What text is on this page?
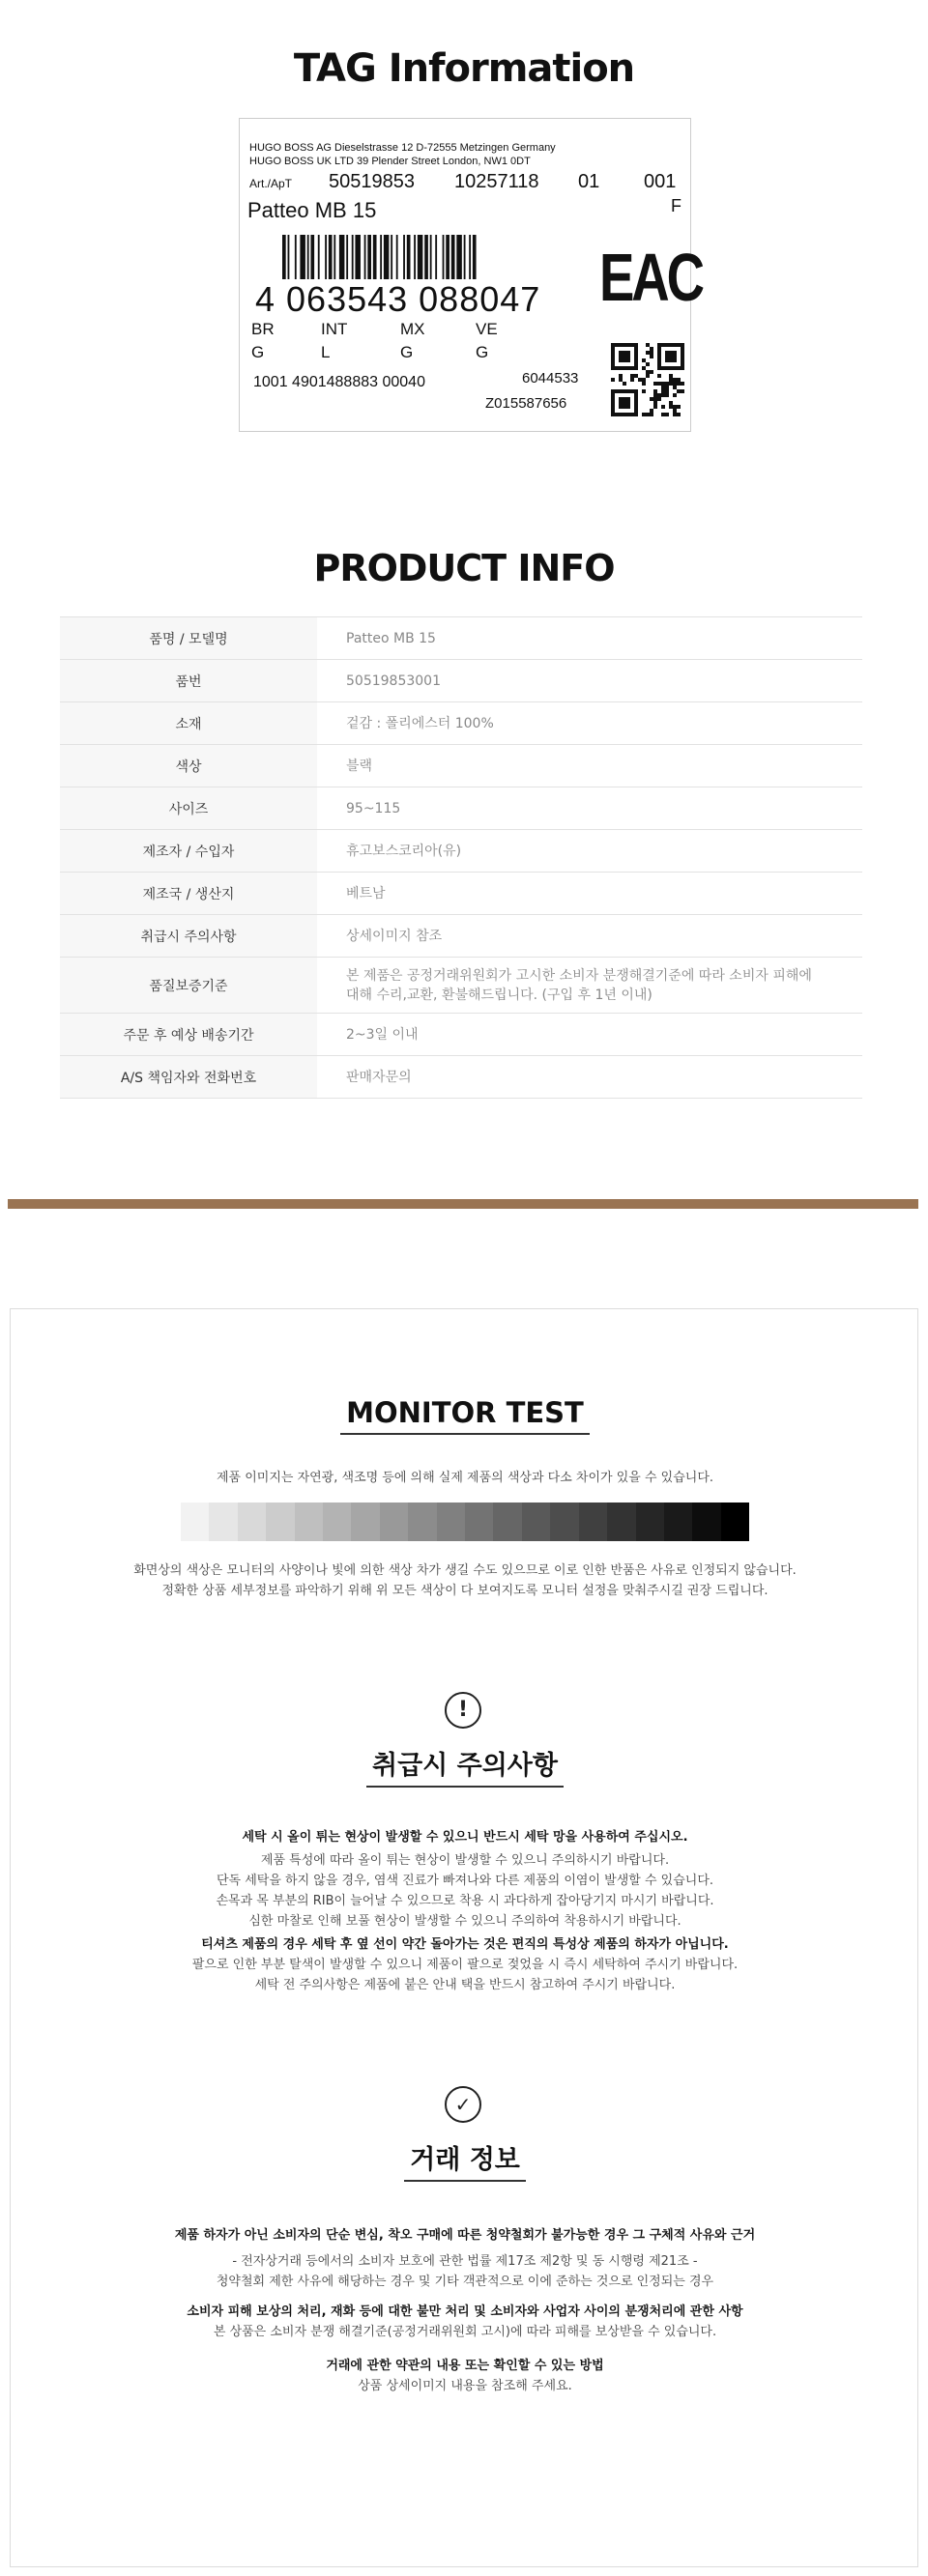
TAG Information
HUGO BOSS AG Dieselstrasse 12 D-72555 Metzingen Germany
HUGO BOSS UK LTD 39 Plender Street London, NW1 0DT
Art./ApT 50519853 10257118 01 001
Patteo MB 15	F
4 063543 088047 EAC
BR	INT	MX	VE
G	L	G	G
1001 4901488883 00040	6044533
Z015587656
PRODUCT INFO
품명 / 모델명	Patteo MB 15
품번	50519853001
소재	겉감 : 폴리에스터 100%
색상	블랙
사이즈	95~115
제조자 / 수입자	휴고보스코리아(유)
제조국 / 생산지	베트남
취급시 주의사항	상세이미지 참조
품질보증기준	본 제품은 공정거래위원회가 고시한 소비자 분쟁해결기준에 따라 소비자 피해에 대해 수리,교환, 환불해드립니다. (구입 후 1년 이내)
주문 후 예상 배송기간	2~3일 이내
A/S 책임자와 전화번호	판매자문의
MONITOR TEST
제품 이미지는 자연광, 색조명 등에 의해 실제 제품의 색상과 다소 차이가 있을 수 있습니다.
화면상의 색상은 모니터의 사양이나 빛에 의한 색상 차가 생길 수도 있으므로 이로 인한 반품은 사유로 인정되지 않습니다.
정확한 상품 세부정보를 파악하기 위해 위 모든 색상이 다 보여지도록 모니터 설정을 맞춰주시길 권장 드립니다.
!
취급시 주의사항
세탁 시 올이 튀는 현상이 발생할 수 있으니 반드시 세탁 망을 사용하여 주십시오.
제품 특성에 따라 올이 튀는 현상이 발생할 수 있으니 주의하시기 바랍니다.
단독 세탁을 하지 않을 경우, 염색 진료가 빠져나와 다른 제품의 이염이 발생할 수 있습니다.
손목과 목 부분의 RIB이 늘어날 수 있으므로 착용 시 과다하게 잡아당기지 마시기 바랍니다.
심한 마찰로 인해 보풀 현상이 발생할 수 있으니 주의하여 착용하시기 바랍니다.
티셔츠 제품의 경우 세탁 후 옆 선이 약간 돌아가는 것은 편직의 특성상 제품의 하자가 아닙니다.
팔으로 인한 부분 탈색이 발생할 수 있으니 제품이 팔으로 젖었을 시 즉시 세탁하여 주시기 바랍니다.
세탁 전 주의사항은 제품에 붙은 안내 택을 반드시 참고하여 주시기 바랍니다.
✓
거래 정보
제품 하자가 아닌 소비자의 단순 변심, 착오 구매에 따른 청약철회가 불가능한 경우 그 구체적 사유와 근거
- 전자상거래 등에서의 소비자 보호에 관한 법률 제17조 제2항 및 동 시행령 제21조 -
청약철회 제한 사유에 해당하는 경우 및 기타 객관적으로 이에 준하는 것으로 인정되는 경우
소비자 피해 보상의 처리, 재화 등에 대한 불만 처리 및 소비자와 사업자 사이의 분쟁처리에 관한 사항
본 상품은 소비자 분쟁 해결기준(공정거래위원회 고시)에 따라 피해를 보상받을 수 있습니다.
거래에 관한 약관의 내용 또는 확인할 수 있는 방법
상품 상세이미지 내용을 참조해 주세요.
